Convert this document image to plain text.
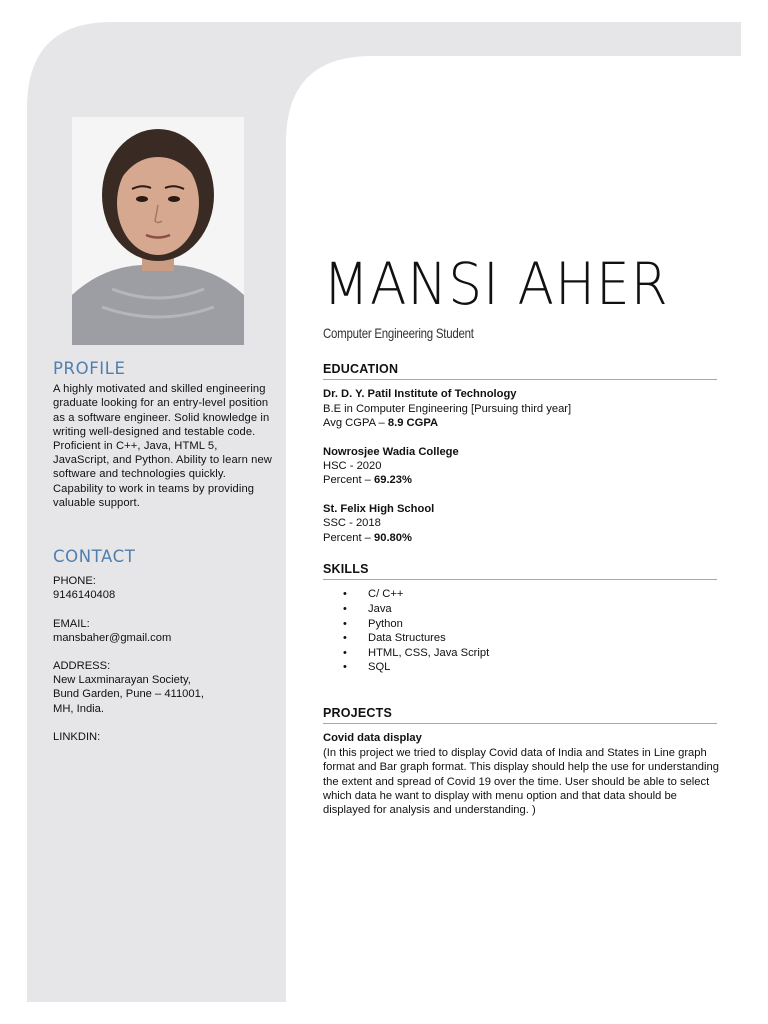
PROFILE

A highly motivated and skilled engineering graduate looking for an entry-level position as a software engineer. Solid knowledge in writing well-designed and testable code. Proficient in C++, Java, HTML 5, JavaScript, and Python. Ability to learn new software and technologies quickly. Capability to work in teams by providing valuable support.

CONTACT

PHONE:

9146140408

EMAIL:

mansbaher@gmail.com

ADDRESS:

New Laxminarayan Society,

Bund Garden, Pune – 411001,

MH, India.

LINKDIN:

MANSI AHER

Computer Engineering Student

EDUCATION

Dr. D. Y. Patil Institute of Technology
B.E in Computer Engineering [Pursuing third year]
Avg CGPA – 8.9 CGPA
Nowrosjee Wadia College
HSC - 2020
Percent – 69.23%
St. Felix High School
SSC - 2018
Percent – 90.80%

SKILLS

• C/ C++
• Java
• Python
• Data Structures
• HTML, CSS, Java Script
• SQL

PROJECTS

Covid data display

(In this project we tried to display Covid data of India and States in Line graph format and Bar graph format. This display should help the use for understanding the extent and spread of Covid 19 over the time. User should be able to select which data he want to display with menu option and that data should be displayed for analysis and understanding. )
